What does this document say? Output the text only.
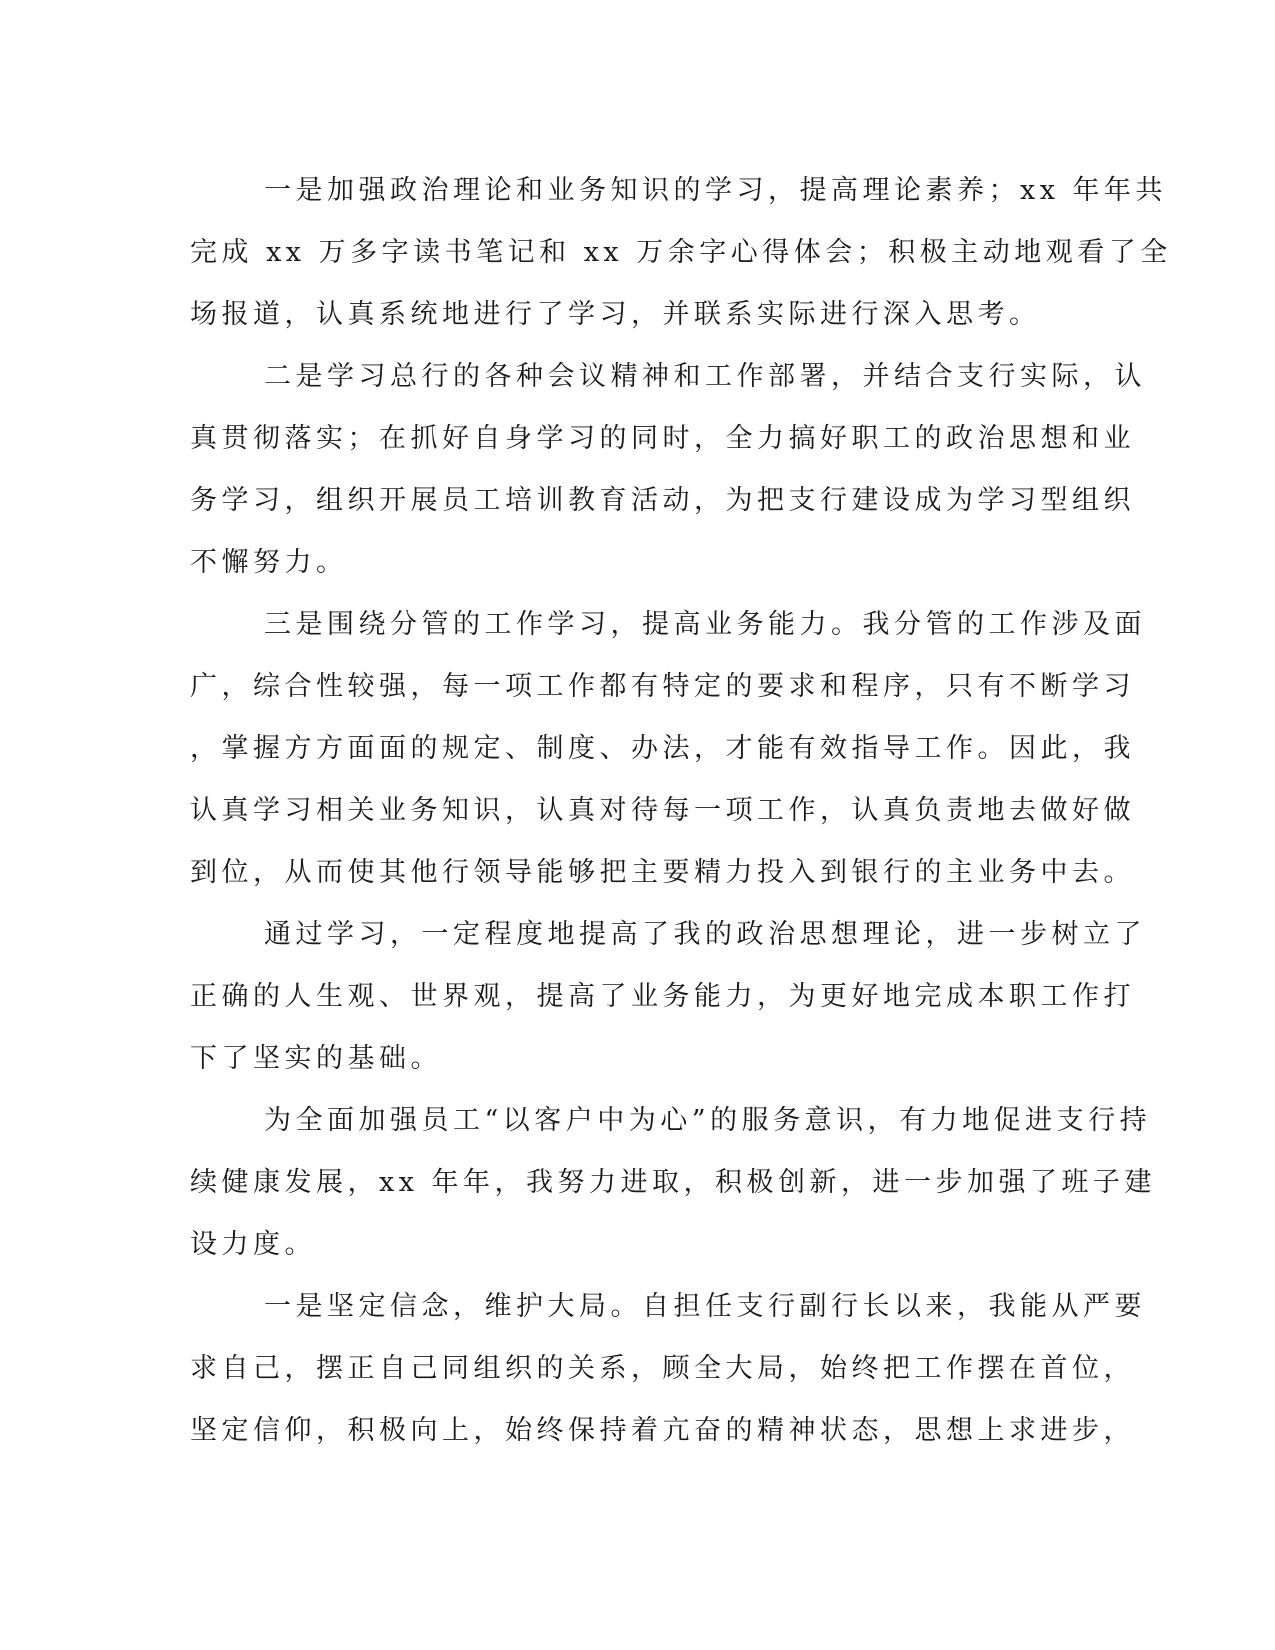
一是加强政治理论和业务知识的学习，提高理论素养；xx 年年共
完成 xx 万多字读书笔记和 xx 万余字心得体会；积极主动地观看了全
场报道，认真系统地进行了学习，并联系实际进行深入思考。
二是学习总行的各种会议精神和工作部署，并结合支行实际，认
真贯彻落实；在抓好自身学习的同时，全力搞好职工的政治思想和业
务学习，组织开展员工培训教育活动，为把支行建设成为学习型组织
不懈努力。
三是围绕分管的工作学习，提高业务能力。我分管的工作涉及面
广，综合性较强，每一项工作都有特定的要求和程序，只有不断学习
，掌握方方面面的规定、制度、办法，才能有效指导工作。因此，我
认真学习相关业务知识，认真对待每一项工作，认真负责地去做好做
到位，从而使其他行领导能够把主要精力投入到银行的主业务中去。
通过学习，一定程度地提高了我的政治思想理论，进一步树立了
正确的人生观、世界观，提高了业务能力，为更好地完成本职工作打
下了坚实的基础。
为全面加强员工“以客户中为心”的服务意识，有力地促进支行持
续健康发展，xx 年年，我努力进取，积极创新，进一步加强了班子建
设力度。
一是坚定信念，维护大局。自担任支行副行长以来，我能从严要
求自己，摆正自己同组织的关系，顾全大局，始终把工作摆在首位，
坚定信仰，积极向上，始终保持着亢奋的精神状态，思想上求进步，
